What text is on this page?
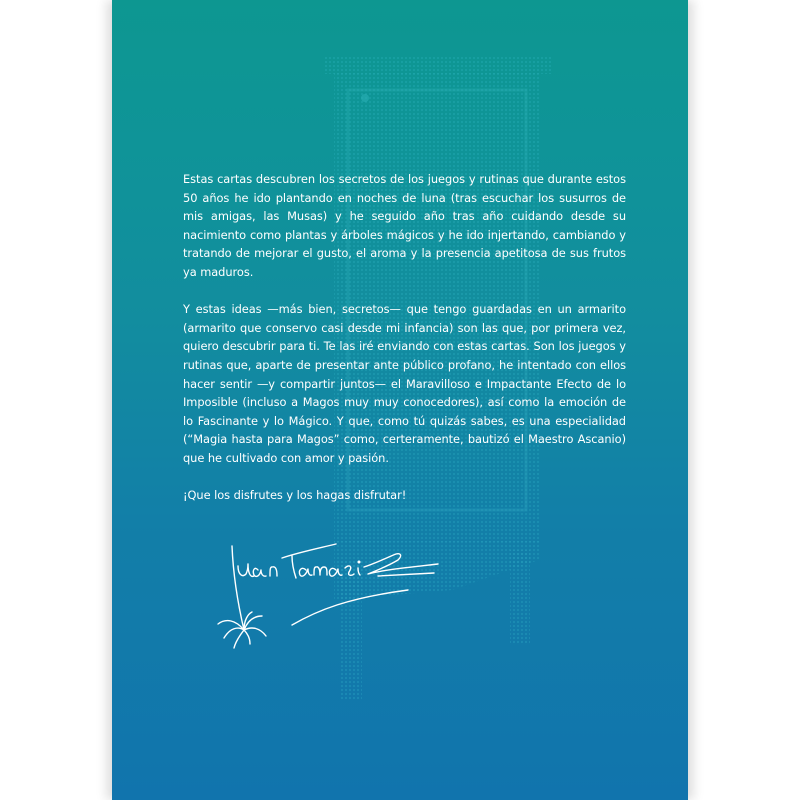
Estas cartas descubren los secretos de los juegos y rutinas que durante estos 50 años he ido plantando en noches de luna (tras escuchar los susurros de mis amigas, las Musas) y he seguido año tras año cuidando desde su nacimiento como plantas y árboles mágicos y he ido injertando, cambiando y tratando de mejorar el gusto, el aroma y la presencia apetitosa de sus frutos ya maduros.

Y estas ideas —más bien, secretos— que tengo guardadas en un armarito (armarito que conservo casi desde mi infancia) son las que, por primera vez, quiero descubrir para ti. Te las iré enviando con estas cartas. Son los juegos y rutinas que, aparte de presentar ante público profano, he intentado con ellos hacer sentir —y compartir juntos— el Maravilloso e Impactante Efecto de lo Imposible (incluso a Magos muy muy conocedores), así como la emoción de lo Fascinante y lo Mágico. Y que, como tú quizás sabes, es una especialidad (“Magia hasta para Magos” como, certeramente, bautizó el Maestro Ascanio) que he cultivado con amor y pasión.

¡Que los disfrutes y los hagas disfrutar!
